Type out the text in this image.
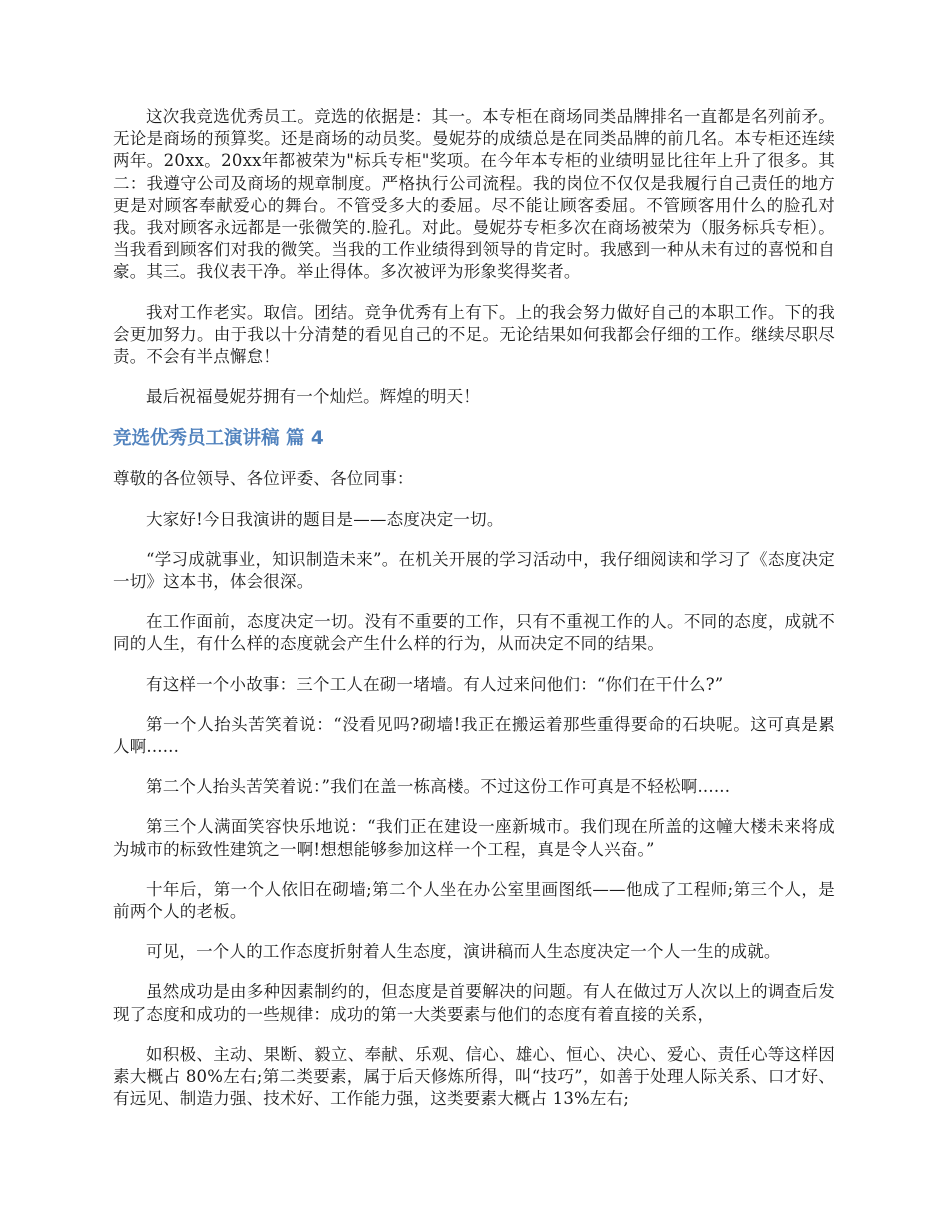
这次我竞选优秀员工。竞选的依据是：其一。本专柜在商场同类品牌排名一直都是名列前矛。无论是商场的预算奖。还是商场的动员奖。曼妮芬的成绩总是在同类品牌的前几名。本专柜还连续两年。20xx。20xx年都被荣为"标兵专柜"奖项。在今年本专柜的业绩明显比往年上升了很多。其二：我遵守公司及商场的规章制度。严格执行公司流程。我的岗位不仅仅是我履行自己责任的地方更是对顾客奉献爱心的舞台。不管受多大的委屈。尽不能让顾客委屈。不管顾客用什么的脸孔对我。我对顾客永远都是一张微笑的.脸孔。对此。曼妮芬专柜多次在商场被荣为（服务标兵专柜）。当我看到顾客们对我的微笑。当我的工作业绩得到领导的肯定时。我感到一种从未有过的喜悦和自豪。其三。我仪表干净。举止得体。多次被评为形象奖得奖者。

我对工作老实。取信。团结。竞争优秀有上有下。上的我会努力做好自己的本职工作。下的我会更加努力。由于我以十分清楚的看见自己的不足。无论结果如何我都会仔细的工作。继续尽职尽责。不会有半点懈怠！

最后祝福曼妮芬拥有一个灿烂。辉煌的明天！

竞选优秀员工演讲稿 篇 4

尊敬的各位领导、各位评委、各位同事：

大家好!今日我演讲的题目是——态度决定一切。

“学习成就事业，知识制造未来”。在机关开展的学习活动中，我仔细阅读和学习了《态度决定一切》这本书，体会很深。

在工作面前，态度决定一切。没有不重要的工作，只有不重视工作的人。不同的态度，成就不同的人生，有什么样的态度就会产生什么样的行为，从而决定不同的结果。

有这样一个小故事：三个工人在砌一堵墙。有人过来问他们：“你们在干什么?”

第一个人抬头苦笑着说：“没看见吗?砌墙!我正在搬运着那些重得要命的石块呢。这可真是累人啊......

第二个人抬头苦笑着说：”我们在盖一栋高楼。不过这份工作可真是不轻松啊......

第三个人满面笑容快乐地说：“我们正在建设一座新城市。我们现在所盖的这幢大楼未来将成为城市的标致性建筑之一啊!想想能够参加这样一个工程，真是令人兴奋。”

十年后，第一个人依旧在砌墙;第二个人坐在办公室里画图纸——他成了工程师;第三个人，是前两个人的老板。

可见，一个人的工作态度折射着人生态度，演讲稿而人生态度决定一个人一生的成就。

虽然成功是由多种因素制约的，但态度是首要解决的问题。有人在做过万人次以上的调查后发现了态度和成功的一些规律：成功的第一大类要素与他们的态度有着直接的关系，

如积极、主动、果断、毅立、奉献、乐观、信心、雄心、恒心、决心、爱心、责任心等这样因素大概占 80%左右;第二类要素，属于后天修炼所得，叫“技巧”，如善于处理人际关系、口才好、有远见、制造力强、技术好、工作能力强，这类要素大概占 13%左右;
